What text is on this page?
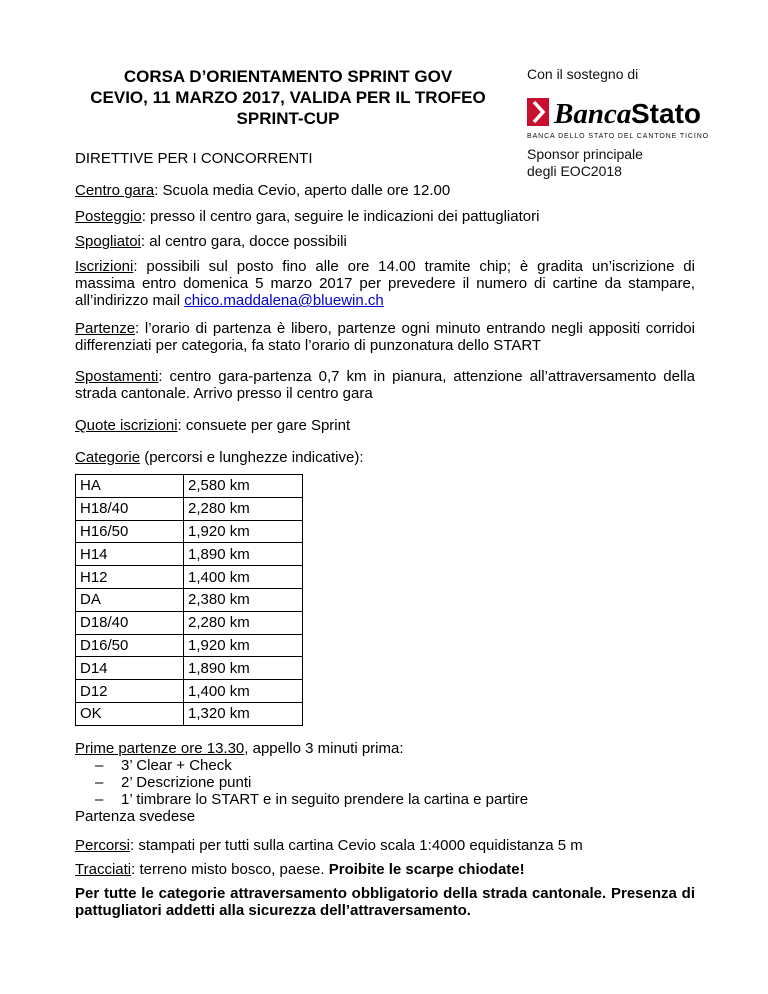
CORSA D’ORIENTAMENTO SPRINT GOV
CEVIO, 11 MARZO 2017, VALIDA PER IL TROFEO
SPRINT-CUP
Con il sostegno di
Banca Stato
BANCA DELLO STATO DEL CANTONE TICINO
Sponsor principale
degli EOC2018
DIRETTIVE PER I CONCORRENTI
Centro gara: Scuola media Cevio, aperto dalle ore 12.00
Posteggio: presso il centro gara, seguire le indicazioni dei pattugliatori
Spogliatoi: al centro gara, docce possibili
Iscrizioni: possibili sul posto fino alle ore 14.00 tramite chip; è gradita un’iscrizione di massima entro domenica 5 marzo 2017 per prevedere il numero di cartine da stampare, all’indirizzo mail chico.maddalena@bluewin.ch
Partenze: l’orario di partenza è libero, partenze ogni minuto entrando negli appositi corridoi differenziati per categoria, fa stato l’orario di punzonatura dello START
Spostamenti: centro gara-partenza 0,7 km in pianura, attenzione all’attraversamento della strada cantonale. Arrivo presso il centro gara
Quote iscrizioni: consuete per gare Sprint
Categorie (percorsi e lunghezze indicative):
HA	2,580 km
H18/40	2,280 km
H16/50	1,920 km
H14	1,890 km
H12	1,400 km
DA	2,380 km
D18/40	2,280 km
D16/50	1,920 km
D14	1,890 km
D12	1,400 km
OK	1,320 km
Prime partenze ore 13.30, appello 3 minuti prima:
– 3’ Clear + Check
– 2’ Descrizione punti
– 1’ timbrare lo START e in seguito prendere la cartina e partire
Partenza svedese
Percorsi: stampati per tutti sulla cartina Cevio scala 1:4000 equidistanza 5 m
Tracciati: terreno misto bosco, paese. Proibite le scarpe chiodate!
Per tutte le categorie attraversamento obbligatorio della strada cantonale. Presenza di pattugliatori addetti alla sicurezza dell’attraversamento.
